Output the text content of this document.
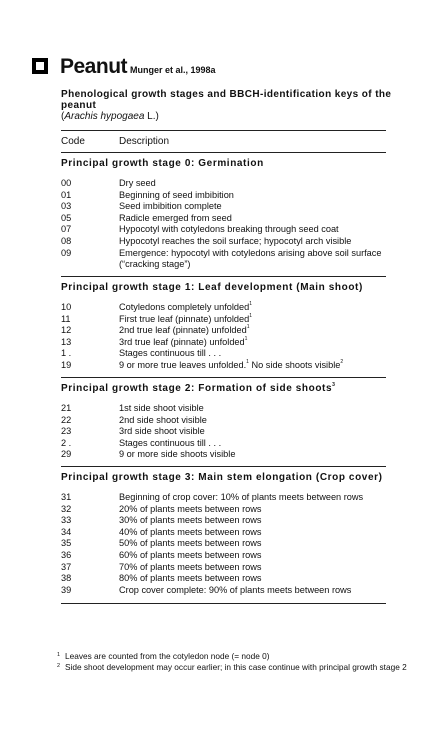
Peanut Munger et al., 1998a
Phenological growth stages and BBCH-identification keys of the peanut
(Arachis hypogaea L.)
Code	Description
Principal growth stage 0: Germination
00	Dry seed
01	Beginning of seed imbibition
03	Seed imbibition complete
05	Radicle emerged from seed
07	Hypocotyl with cotyledons breaking through seed coat
08	Hypocotyl reaches the soil surface; hypocotyl arch visible
09	Emergence: hypocotyl with cotyledons arising above soil surface (“cracking stage”)
Principal growth stage 1: Leaf development (Main shoot)
10	Cotyledons completely unfolded$^1$
11	First true leaf (pinnate) unfolded$^1$
12	2nd true leaf (pinnate) unfolded$^1$
13	3rd true leaf (pinnate) unfolded$^1$
1 .	Stages continuous till . . .
19	9 or more true leaves unfolded.$^1$ No side shoots visible$^2$
Principal growth stage 2: Formation of side shoots$^3$
21	1st side shoot visible
22	2nd side shoot visible
23	3rd side shoot visible
2 .	Stages continuous till . . .
29	9 or more side shoots visible
Principal growth stage 3: Main stem elongation (Crop cover)
31	Beginning of crop cover: 10% of plants meets between rows
32	20% of plants meets between rows
33	30% of plants meets between rows
34	40% of plants meets between rows
35	50% of plants meets between rows
36	60% of plants meets between rows
37	70% of plants meets between rows
38	80% of plants meets between rows
39	Crop cover complete: 90% of plants meets between rows
1 Leaves are counted from the cotyledon node (= node 0)
2 Side shoot development may occur earlier; in this case continue with principal growth stage 2
